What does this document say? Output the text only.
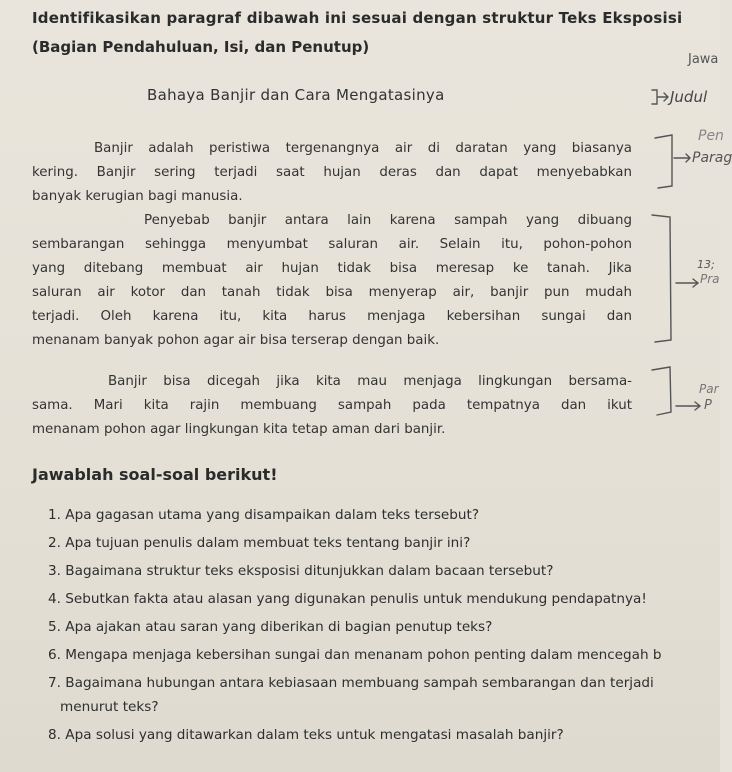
Identifikasikan paragraf dibawah ini sesuai dengan struktur Teks Eksposisi
(Bagian Pendahuluan, Isi, dan Penutup)
Bahaya Banjir dan Cara Mengatasinya
Banjir adalah peristiwa tergenangnya air di daratan yang biasanya
kering. Banjir sering terjadi saat hujan deras dan dapat menyebabkan
banyak kerugian bagi manusia.
Penyebab banjir antara lain karena sampah yang dibuang
sembarangan sehingga menyumbat saluran air. Selain itu, pohon-pohon
yang ditebang membuat air hujan tidak bisa meresap ke tanah. Jika
saluran air kotor dan tanah tidak bisa menyerap air, banjir pun mudah
terjadi. Oleh karena itu, kita harus menjaga kebersihan sungai dan
menanam banyak pohon agar air bisa terserap dengan baik.
Banjir bisa dicegah jika kita mau menjaga lingkungan bersama-
sama. Mari kita rajin membuang sampah pada tempatnya dan ikut
menanam pohon agar lingkungan kita tetap aman dari banjir.
Jawa
Judul
Pen
Parag
13;
Pra
Par
P
Jawablah soal-soal berikut!
1. Apa gagasan utama yang disampaikan dalam teks tersebut?
2. Apa tujuan penulis dalam membuat teks tentang banjir ini?
3. Bagaimana struktur teks eksposisi ditunjukkan dalam bacaan tersebut?
4. Sebutkan fakta atau alasan yang digunakan penulis untuk mendukung pendapatnya!
5. Apa ajakan atau saran yang diberikan di bagian penutup teks?
6. Mengapa menjaga kebersihan sungai dan menanam pohon penting dalam mencegah b
7. Bagaimana hubungan antara kebiasaan membuang sampah sembarangan dan terjadi
menurut teks?
8. Apa solusi yang ditawarkan dalam teks untuk mengatasi masalah banjir?
